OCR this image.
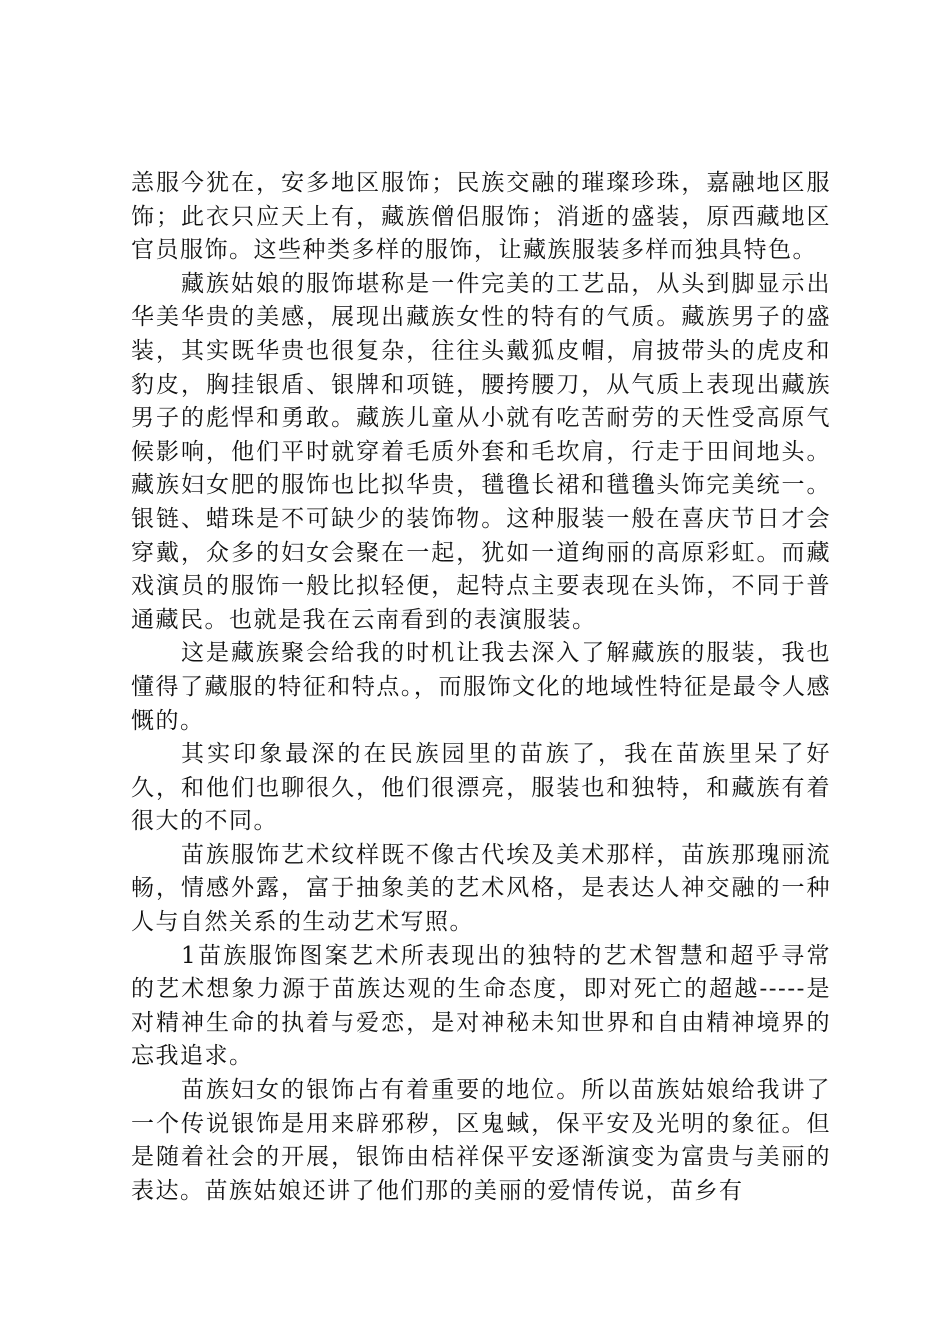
恙服今犹在，安多地区服饰；民族交融的璀璨珍珠，嘉融地区服饰；此衣只应天上有，藏族僧侣服饰；消逝的盛装，原西藏地区官员服饰。这些种类多样的服饰，让藏族服装多样而独具特色。

藏族姑娘的服饰堪称是一件完美的工艺品，从头到脚显示出华美华贵的美感，展现出藏族女性的特有的气质。藏族男子的盛装，其实既华贵也很复杂，往往头戴狐皮帽，肩披带头的虎皮和豹皮，胸挂银盾、银牌和项链，腰挎腰刀，从气质上表现出藏族男子的彪悍和勇敢。藏族儿童从小就有吃苦耐劳的天性受高原气候影响，他们平时就穿着毛质外套和毛坎肩，行走于田间地头。藏族妇女肥的服饰也比拟华贵，氆氇长裙和氆氇头饰完美统一。银链、蜡珠是不可缺少的装饰物。这种服装一般在喜庆节日才会穿戴，众多的妇女会聚在一起，犹如一道绚丽的高原彩虹。而藏戏演员的服饰一般比拟轻便，起特点主要表现在头饰，不同于普通藏民。也就是我在云南看到的表演服装。

这是藏族聚会给我的时机让我去深入了解藏族的服装，我也懂得了藏服的特征和特点。，而服饰文化的地域性特征是最令人感慨的。

其实印象最深的在民族园里的苗族了，我在苗族里呆了好久，和他们也聊很久，他们很漂亮，服装也和独特，和藏族有着很大的不同。

苗族服饰艺术纹样既不像古代埃及美术那样，苗族那瑰丽流畅，情感外露，富于抽象美的艺术风格，是表达人神交融的一种人与自然关系的生动艺术写照。

1苗族服饰图案艺术所表现出的独特的艺术智慧和超乎寻常的艺术想象力源于苗族达观的生命态度，即对死亡的超越-----是对精神生命的执着与爱恋，是对神秘未知世界和自由精神境界的忘我追求。

苗族妇女的银饰占有着重要的地位。所以苗族姑娘给我讲了一个传说银饰是用来辟邪秽，区鬼蜮，保平安及光明的象征。但是随着社会的开展，银饰由桔祥保平安逐渐演变为富贵与美丽的表达。苗族姑娘还讲了他们那的美丽的爱情传说，苗乡有
